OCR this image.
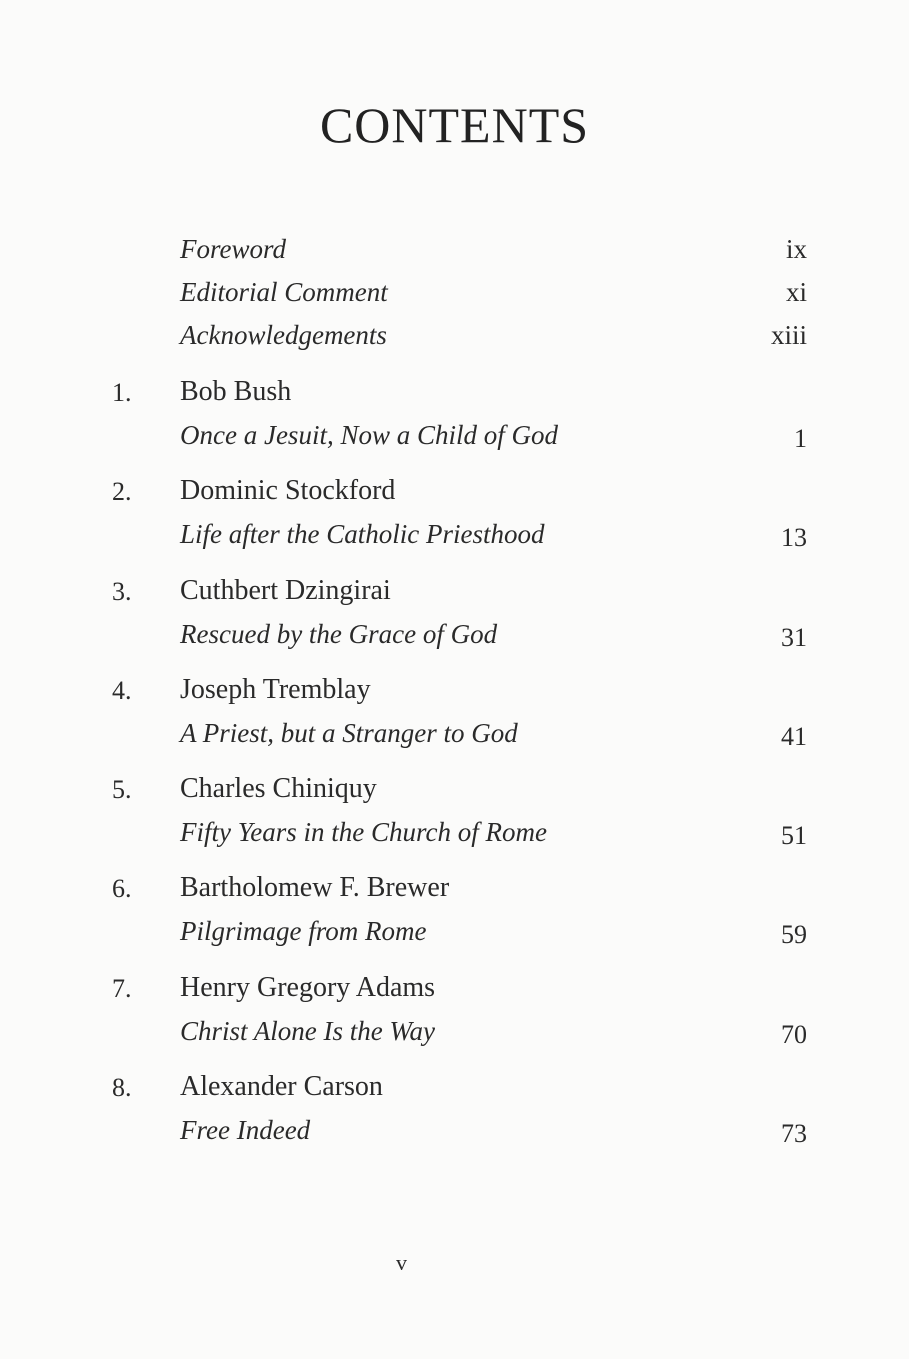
CONTENTS
Foreword	ix
Editorial Comment	xi
Acknowledgements	xiii
1. Bob Bush
Once a Jesuit, Now a Child of God	1
2. Dominic Stockford
Life after the Catholic Priesthood	13
3. Cuthbert Dzingirai
Rescued by the Grace of God	31
4. Joseph Tremblay
A Priest, but a Stranger to God	41
5. Charles Chiniquy
Fifty Years in the Church of Rome	51
6. Bartholomew F. Brewer
Pilgrimage from Rome	59
7. Henry Gregory Adams
Christ Alone Is the Way	70
8. Alexander Carson
Free Indeed	73
v
